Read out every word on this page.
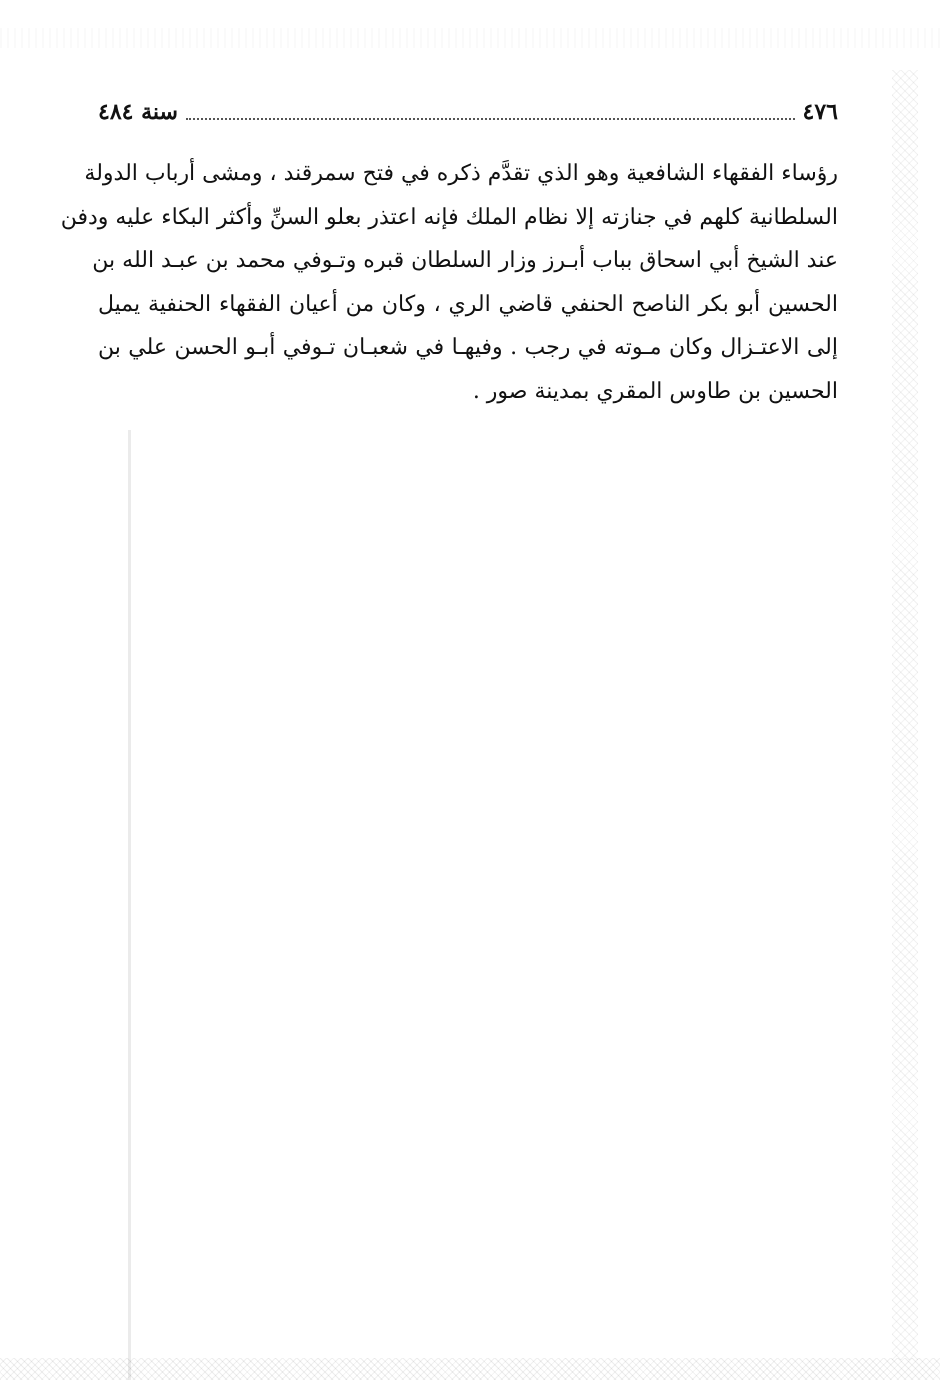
٤٧٦
سنة ٤٨٤
رؤساء الفقهاء الشافعية وهو الذي تقدَّم ذكره في فتح سمرقند ، ومشى أرباب الدولة
السلطانية كلهم في جنازته إلا نظام الملك فإنه اعتذر بعلو السنِّ وأكثر البكاء عليه ودفن
عند الشيخ أبي اسحاق بباب أبـرز وزار السلطان قبره وتـوفي محمد بن عبـد الله بن
الحسين أبو بكر الناصح الحنفي قاضي الري ، وكان من أعيان الفقهاء الحنفية يميل
إلى الاعتـزال وكان مـوته في رجب . وفيهـا في شعبـان تـوفي أبـو الحسن علي بن
الحسين بن طاوس المقري بمدينة صور .
